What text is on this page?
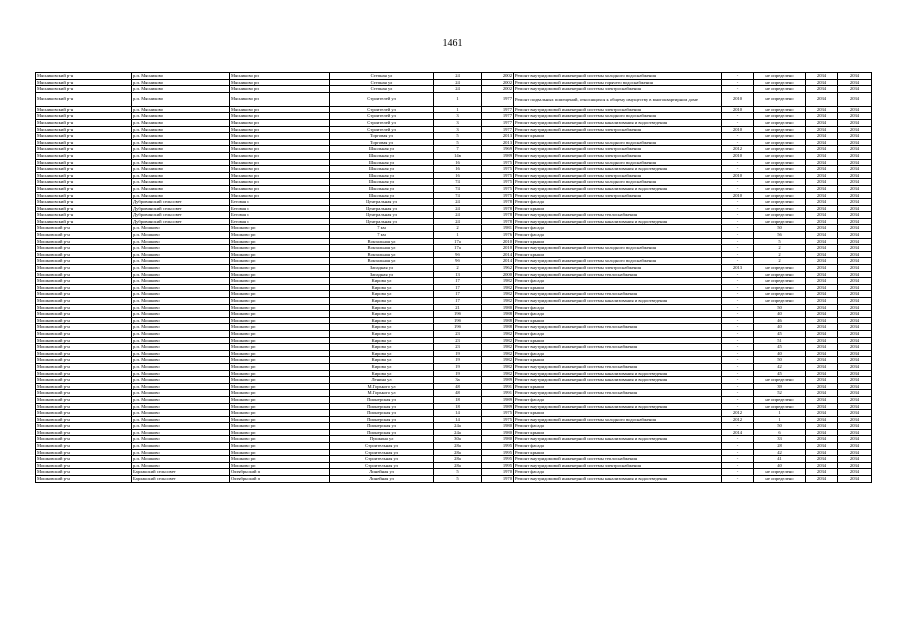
1461
Мясниковский р-н	р.п. Мясниково	Мясниково рп	Степная ул	24	2002	Ремонт внутридомовой инженерной системы холодного водоснабжения	-	не определено	2034	2034
Мясниковский р-н	р.п. Мясниково	Мясниково рп	Степная ул	24	2002	Ремонт внутридомовой инженерной системы горячего водоснабжения	-	не определено	2034	2034
Мясниковский р-н	р.п. Мясниково	Мясниково рп	Степная ул	24	2002	Ремонт внутридомовой инженерной системы электроснабжения	-	не определено	2034	2034
Мясниковский р-н	р.п. Мясниково	Мясниково рп	Строителей ул	1	1977	Ремонт подвальных помещений, относящихся к общему имуществу в многоквартирном доме	2010	не определено	2034	2034
Мясниковский р-н	р.п. Мясниково	Мясниково рп	Строителей ул	1	1977	Ремонт внутридомовой инженерной системы электроснабжения	2010	не определено	2034	2034
Мясниковский р-н	р.п. Мясниково	Мясниково рп	Строителей ул	3	1977	Ремонт внутридомовой инженерной системы холодного водоснабжения	-	не определено	2034	2034
Мясниковский р-н	р.п. Мясниково	Мясниково рп	Строителей ул	3	1977	Ремонт внутридомовой инженерной системы канализования и водоотведения	-	не определено	2034	2034
Мясниковский р-н	р.п. Мясниково	Мясниково рп	Строителей ул	3	1977	Ремонт внутридомовой инженерной системы электроснабжения	2010	не определено	2034	2034
Мясниковский р-н	р.п. Мясниково	Мясниково рп	Торговая ул	5	2013	Ремонт крыши	-	не определено	2034	2034
Мясниковский р-н	р.п. Мясниково	Мясниково рп	Торговая ул	5	2013	Ремонт внутридомовой инженерной системы холодного водоснабжения	-	не определено	2034	2034
Мясниковский р-н	р.п. Мясниково	Мясниково рп	Школьная ул	7	1969	Ремонт внутридомовой инженерной системы электроснабжения	2012	не определено	2034	2034
Мясниковский р-н	р.п. Мясниково	Мясниково рп	Школьная ул	14в	1989	Ремонт внутридомовой инженерной системы электроснабжения	2010	не определено	2034	2034
Мясниковский р-н	р.п. Мясниково	Мясниково рп	Школьная ул	16	1975	Ремонт внутридомовой инженерной системы холодного водоснабжения	-	не определено	2034	2034
Мясниковский р-н	р.п. Мясниково	Мясниково рп	Школьная ул	16	1975	Ремонт внутридомовой инженерной системы канализования и водоотведения	-	не определено	2034	2034
Мясниковский р-н	р.п. Мясниково	Мясниково рп	Школьная ул	16	1975	Ремонт внутридомовой инженерной системы электроснабжения	2010	не определено	2034	2034
Мясниковский р-н	р.п. Мясниково	Мясниково рп	Школьная ул	74	1975	Ремонт внутридомовой инженерной системы холодного водоснабжения	-	не определено	2034	2034
Мясниковский р-н	р.п. Мясниково	Мясниково рп	Школьная ул	74	1975	Ремонт внутридомовой инженерной системы канализования и водоотведения	-	не определено	2034	2034
Мясниковский р-н	р.п. Мясниково	Мясниково рп	Школьная ул	74	1975	Ремонт внутридомовой инженерной системы электроснабжения	2010	не определено	2034	2034
Мясниковский р-н	Дубровинский сельсовет	Беговая с	Центральная ул	24	1978	Ремонт фасада	-	не определено	2034	2034
Мясниковский р-н	Дубровинский сельсовет	Беговая с	Центральная ул	24	1978	Ремонт крыши	-	не определено	2034	2034
Мясниковский р-н	Дубровинский сельсовет	Беговая с	Центральная ул	24	1978	Ремонт внутридомовой инженерной системы теплоснабжения	-	не определено	2034	2034
Мясниковский р-н	Дубровинский сельсовет	Беговая с	Центральная ул	24	1978	Ремонт внутридомовой инженерной системы канализования и водоотведения	-	не определено	2034	2034
Мошковский р-н	р.п. Мошково	Мошково рп	7 км	2	1981	Ремонт фасада	-	50	2034	2034
Мошковский р-н	р.п. Мошково	Мошково рп	7 км	1	1976	Ремонт фасада	-	56	2034	2034
Мошковский р-н	р.п. Мошково	Мошково рп	Вокзальная ул	17а	2010	Ремонт крыши	-	5	2034	2034
Мошковский р-н	р.п. Мошково	Мошково рп	Вокзальная ул	17а	2010	Ремонт внутридомовой инженерной системы холодного водоснабжения	-	2	2034	2034
Мошковский р-н	р.п. Мошково	Мошково рп	Вокзальная ул	9б	2014	Ремонт крыши	-	2	2034	2034
Мошковский р-н	р.п. Мошково	Мошково рп	Вокзальная ул	9б	2014	Ремонт внутридомовой инженерной системы холодного водоснабжения	-	2	2034	2034
Мошковский р-н	р.п. Мошково	Мошково рп	Западная ул	2	1962	Ремонт внутридомовой инженерной системы электроснабжения	2013	не определено	2034	2034
Мошковский р-н	р.п. Мошково	Мошково рп	Западная ул	13	2000	Ремонт внутридомовой инженерной системы теплоснабжения	-	не определено	2034	2034
Мошковский р-н	р.п. Мошково	Мошково рп	Кирова ул	17	1982	Ремонт фасада	-	не определено	2034	2034
Мошковский р-н	р.п. Мошково	Мошково рп	Кирова ул	17	1982	Ремонт крыши	-	не определено	2034	2034
Мошковский р-н	р.п. Мошково	Мошково рп	Кирова ул	17	1982	Ремонт внутридомовой инженерной системы теплоснабжения	-	не определено	2034	2034
Мошковский р-н	р.п. Мошково	Мошково рп	Кирова ул	17	1982	Ремонт внутридомовой инженерной системы канализования и водоотведения	-	не определено	2034	2034
Мошковский р-н	р.п. Мошково	Мошково рп	Кирова ул	21	1980	Ремонт фасада	-	50	2034	2034
Мошковский р-н	р.п. Мошково	Мошково рп	Кирова ул	19б	1988	Ремонт фасада	-	40	2034	2034
Мошковский р-н	р.п. Мошково	Мошково рп	Кирова ул	19б	1988	Ремонт крыши	-	46	2034	2034
Мошковский р-н	р.п. Мошково	Мошково рп	Кирова ул	19б	1988	Ремонт внутридомовой инженерной системы теплоснабжения	-	40	2034	2034
Мошковский р-н	р.п. Мошково	Мошково рп	Кирова ул	23	1982	Ремонт фасада	-	45	2034	2034
Мошковский р-н	р.п. Мошково	Мошково рп	Кирова ул	23	1982	Ремонт крыши	-	51	2034	2034
Мошковский р-н	р.п. Мошково	Мошково рп	Кирова ул	23	1982	Ремонт внутридомовой инженерной системы теплоснабжения	-	45	2034	2034
Мошковский р-н	р.п. Мошково	Мошково рп	Кирова ул	19	1982	Ремонт фасада	-	40	2034	2034
Мошковский р-н	р.п. Мошково	Мошково рп	Кирова ул	19	1982	Ремонт крыши	-	50	2034	2034
Мошковский р-н	р.п. Мошково	Мошково рп	Кирова ул	19	1982	Ремонт внутридомовой инженерной системы теплоснабжения	-	42	2034	2034
Мошковский р-н	р.п. Мошково	Мошково рп	Кирова ул	19	1982	Ремонт внутридомовой инженерной системы канализования и водоотведения	-	45	2034	2034
Мошковский р-н	р.п. Мошково	Мошково рп	Ленина ул	3а	1989	Ремонт внутридомовой инженерной системы канализования и водоотведения	-	не определено	2034	2034
Мошковский р-н	р.п. Мошково	Мошково рп	М.Горького ул	48	1991	Ремонт крыши	-	39	2034	2034
Мошковский р-н	р.п. Мошково	Мошково рп	М.Горького ул	48	1991	Ремонт внутридомовой инженерной системы теплоснабжения	-	52	2034	2034
Мошковский р-н	р.п. Мошково	Мошково рп	Пионерская ул	18	1989	Ремонт фасада	-	не определено	2034	2034
Мошковский р-н	р.п. Мошково	Мошково рп	Пионерская ул	18	1989	Ремонт внутридомовой инженерной системы канализования и водоотведения	-	не определено	2034	2034
Мошковский р-н	р.п. Мошково	Мошково рп	Пионерская ул	14	1975	Ремонт крыши	2012	1	2034	2034
Мошковский р-н	р.п. Мошково	Мошково рп	Пионерская ул	14	1975	Ремонт внутридомовой инженерной системы холодного водоснабжения	2012	1	2034	2034
Мошковский р-н	р.п. Мошково	Мошково рп	Пионерская ул	24а	1980	Ремонт фасада	-	50	2034	2034
Мошковский р-н	р.п. Мошково	Мошково рп	Пионерская ул	24а	1980	Ремонт крыши	2014	6	2034	2034
Мошковский р-н	р.п. Мошково	Мошково рп	Пушкина ул	30а	1980	Ремонт внутридомовой инженерной системы канализования и водоотведения	-	33	2034	2034
Мошковский р-н	р.п. Мошково	Мошково рп	Строительная ул	28а	1995	Ремонт фасада	-	28	2034	2034
Мошковский р-н	р.п. Мошково	Мошково рп	Строительная ул	28а	1995	Ремонт крыши	-	42	2034	2034
Мошковский р-н	р.п. Мошково	Мошково рп	Строительная ул	28а	1995	Ремонт внутридомовой инженерной системы теплоснабжения	-	41	2034	2034
Мошковский р-н	р.п. Мошково	Мошково рп	Строительная ул	28а	1995	Ремонт внутридомовой инженерной системы электроснабжения	-	40	2034	2034
Мошковский р-н	Барлакский сельсовет	Октябрьский п	Линейная ул	5	1970	Ремонт фасада	-	не определено	2034	2034
Мошковский р-н	Барлакский сельсовет	Октябрьский п	Линейная ул	5	1970	Ремонт внутридомовой инженерной системы канализования и водоотведения	-	не определено	2034	2034
